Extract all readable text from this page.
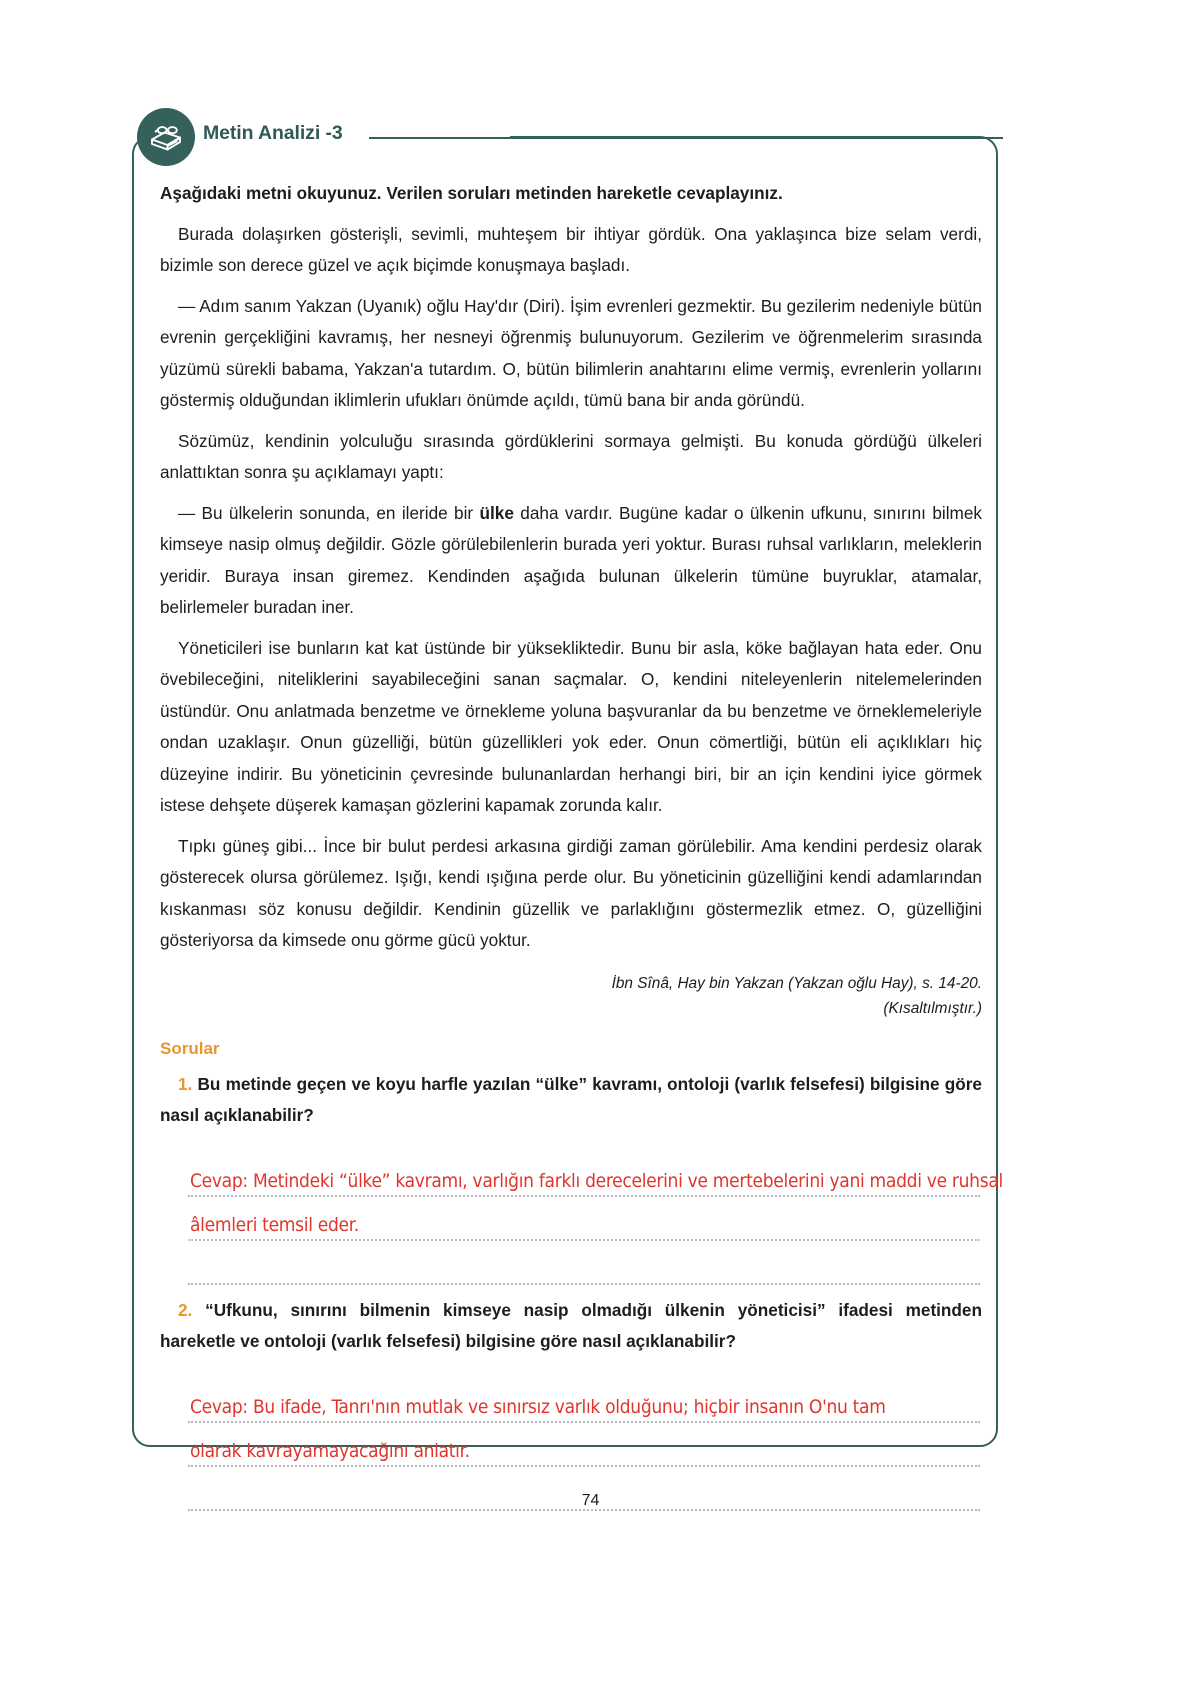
Metin Analizi -3

Aşağıdaki metni okuyunuz. Verilen soruları metinden hareketle cevaplayınız.

Burada dolaşırken gösterişli, sevimli, muhteşem bir ihtiyar gördük. Ona yaklaşınca bize selam verdi, bizimle son derece güzel ve açık biçimde konuşmaya başladı.

— Adım sanım Yakzan (Uyanık) oğlu Hay'dır (Diri). İşim evrenleri gezmektir. Bu gezilerim nedeniyle bütün evrenin gerçekliğini kavramış, her nesneyi öğrenmiş bulunuyorum. Gezilerim ve öğrenmelerim sırasında yüzümü sürekli babama, Yakzan'a tutardım. O, bütün bilimlerin anahtarını elime vermiş, evrenlerin yollarını göstermiş olduğundan iklimlerin ufukları önümde açıldı, tümü bana bir anda göründü.

Sözümüz, kendinin yolculuğu sırasında gördüklerini sormaya gelmişti. Bu konuda gördüğü ülkeleri anlattıktan sonra şu açıklamayı yaptı:

— Bu ülkelerin sonunda, en ileride bir ülke daha vardır. Bugüne kadar o ülkenin ufkunu, sınırını bilmek kimseye nasip olmuş değildir. Gözle görülebilenlerin burada yeri yoktur. Burası ruhsal varlıkların, meleklerin yeridir. Buraya insan giremez. Kendinden aşağıda bulunan ülkelerin tümüne buyruklar, atamalar, belirlemeler buradan iner.

Yöneticileri ise bunların kat kat üstünde bir yüksekliktedir. Bunu bir asla, köke bağlayan hata eder. Onu övebileceğini, niteliklerini sayabileceğini sanan saçmalar. O, kendini niteleyenlerin nitelemelerinden üstündür. Onu anlatmada benzetme ve örnekleme yoluna başvuranlar da bu benzetme ve örneklemeleriyle ondan uzaklaşır. Onun güzelliği, bütün güzellikleri yok eder. Onun cömertliği, bütün eli açıklıkları hiç düzeyine indirir. Bu yöneticinin çevresinde bulunanlardan herhangi biri, bir an için kendini iyice görmek istese dehşete düşerek kamaşan gözlerini kapamak zorunda kalır.

Tıpkı güneş gibi... İnce bir bulut perdesi arkasına girdiği zaman görülebilir. Ama kendini perdesiz olarak gösterecek olursa görülemez. Işığı, kendi ışığına perde olur. Bu yöneticinin güzelliğini kendi adamlarından kıskanması söz konusu değildir. Kendinin güzellik ve parlaklığını göstermezlik etmez. O, güzelliğini gösteriyorsa da kimsede onu görme gücü yoktur.

İbn Sînâ, Hay bin Yakzan (Yakzan oğlu Hay), s. 14-20.
(Kısaltılmıştır.)
Sorular

1. Bu metinde geçen ve koyu harfle yazılan “ülke” kavramı, ontoloji (varlık felsefesi) bilgisine göre nasıl açıklanabilir?

Cevap: Metindeki “ülke” kavramı, varlığın farklı derecelerini ve mertebelerini yani maddi ve ruhsal
âlemleri temsil eder.

2. “Ufkunu, sınırını bilmenin kimseye nasip olmadığı ülkenin yöneticisi” ifadesi metinden hareketle ve ontoloji (varlık felsefesi) bilgisine göre nasıl açıklanabilir?

Cevap: Bu ifade, Tanrı'nın mutlak ve sınırsız varlık olduğunu; hiçbir insanın O'nu tam
olarak kavrayamayacağını anlatır.
74
